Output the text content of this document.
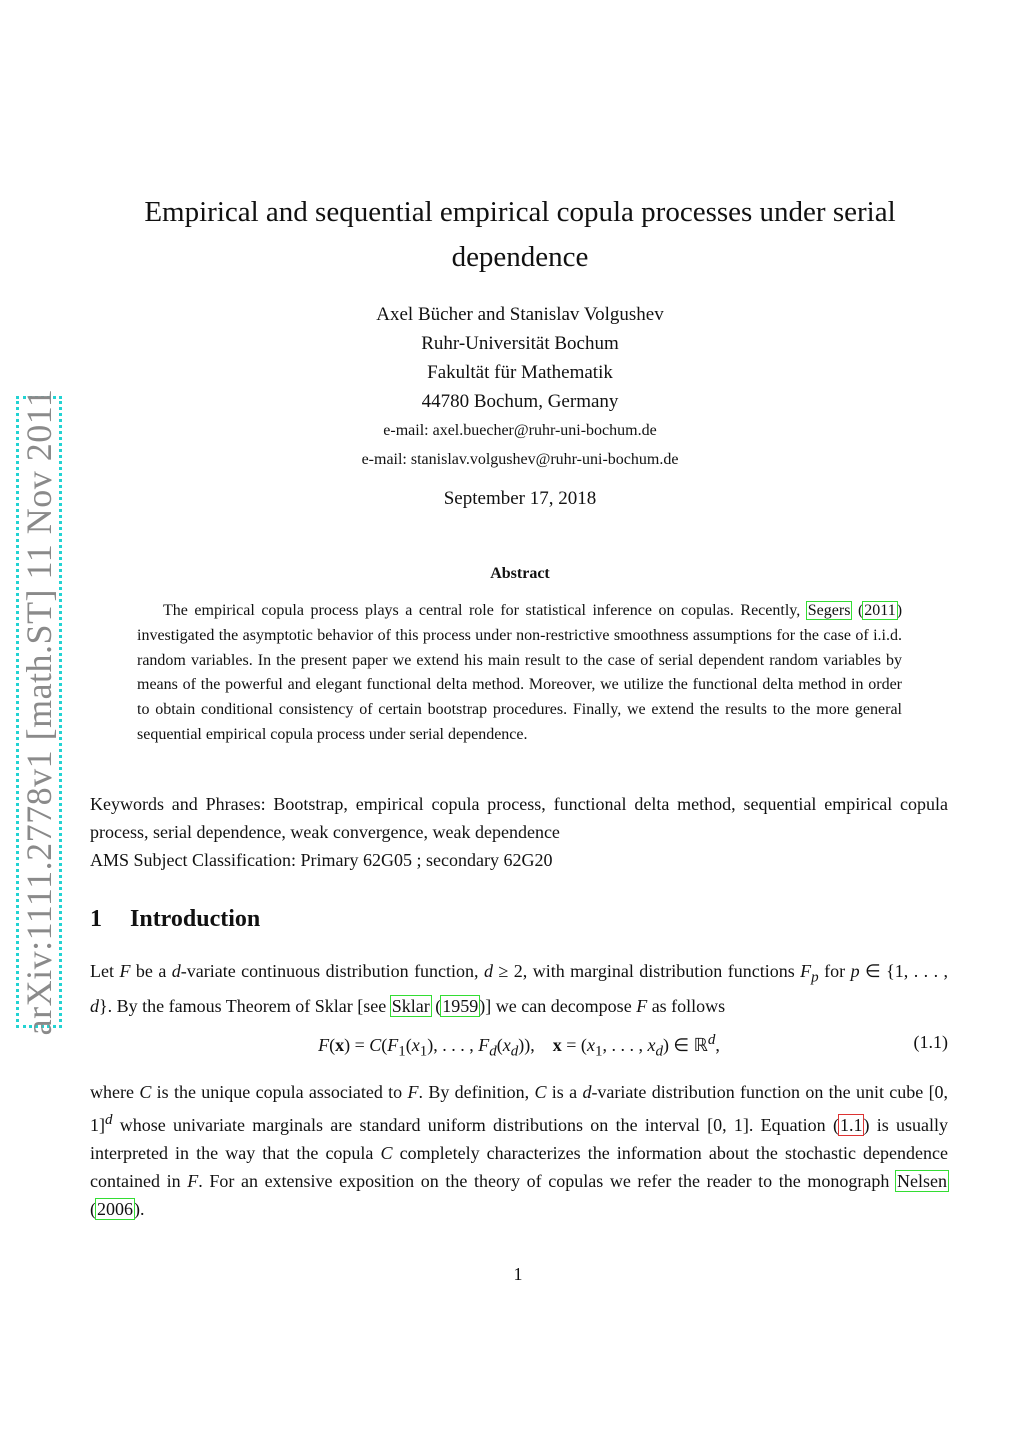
arXiv:1111.2778v1 [math.ST] 11 Nov 2011
Empirical and sequential empirical copula processes under serial dependence
Axel Bücher and Stanislav Volgushev
Ruhr-Universität Bochum
Fakultät für Mathematik
44780 Bochum, Germany
e-mail: axel.buecher@ruhr-uni-bochum.de
e-mail: stanislav.volgushev@ruhr-uni-bochum.de
September 17, 2018
Abstract
The empirical copula process plays a central role for statistical inference on copulas. Recently, Segers (2011) investigated the asymptotic behavior of this process under non-restrictive smoothness assumptions for the case of i.i.d. random variables. In the present paper we extend his main result to the case of serial dependent random variables by means of the powerful and elegant functional delta method. Moreover, we utilize the functional delta method in order to obtain conditional consistency of certain bootstrap procedures. Finally, we extend the results to the more general sequential empirical copula process under serial dependence.
Keywords and Phrases: Bootstrap, empirical copula process, functional delta method, sequential empirical copula process, serial dependence, weak convergence, weak dependence
AMS Subject Classification: Primary 62G05 ; secondary 62G20
1 Introduction
Let F be a d-variate continuous distribution function, d ≥ 2, with marginal distribution functions $F_p$ for p ∈ {1, . . . , d}. By the famous Theorem of Sklar [see Sklar (1959)] we can decompose F as follows
$F(x) = C(F_1(x_1)$, . . . , $F_d(x_d)$),    $x = (x_1$, . . . , $x_d$) ∈ ℝ$^d$,	(1.1)
where C is the unique copula associated to F. By definition, C is a d-variate distribution function on the unit cube [0, 1]$^d$ whose univariate marginals are standard uniform distributions on the interval [0, 1]. Equation (1.1) is usually interpreted in the way that the copula C completely characterizes the information about the stochastic dependence contained in F. For an extensive exposition on the theory of copulas we refer the reader to the monograph Nelsen (2006).
1
